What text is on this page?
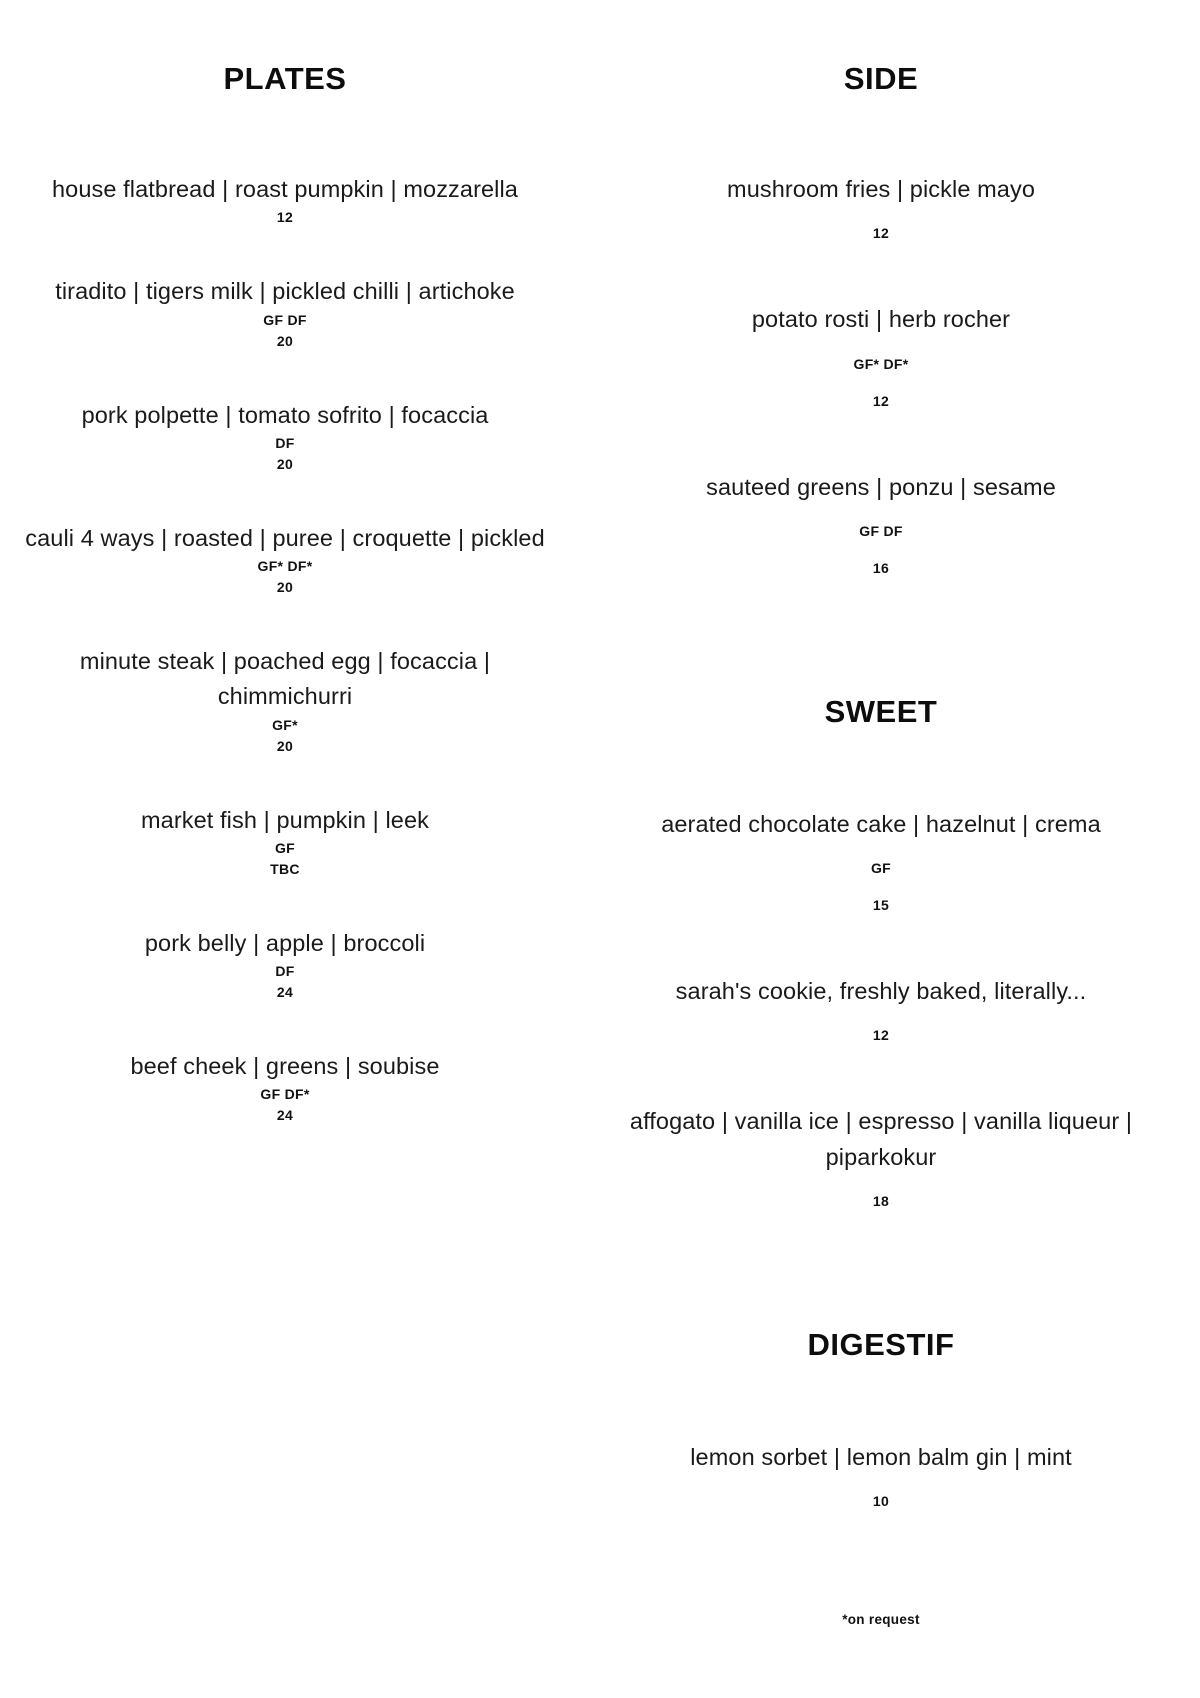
PLATES
house flatbread | roast pumpkin | mozzarella
12
tiradito | tigers milk | pickled chilli | artichoke
GF DF
20
pork polpette | tomato sofrito | focaccia
DF
20
cauli 4 ways | roasted | puree | croquette | pickled
GF* DF*
20
minute steak | poached egg | focaccia | chimmichurri
GF*
20
market fish | pumpkin | leek
GF
TBC
pork belly | apple | broccoli
DF
24
beef cheek | greens | soubise
GF DF*
24
SIDE
mushroom fries | pickle mayo
12
potato rosti | herb rocher
GF* DF*
12
sauteed greens | ponzu | sesame
GF DF
16
SWEET
aerated chocolate cake | hazelnut | crema
GF
15
sarah's cookie, freshly baked, literally...
12
affogato | vanilla ice | espresso | vanilla liqueur | piparkokur
18
DIGESTIF
lemon sorbet | lemon balm gin | mint
10
*on request
